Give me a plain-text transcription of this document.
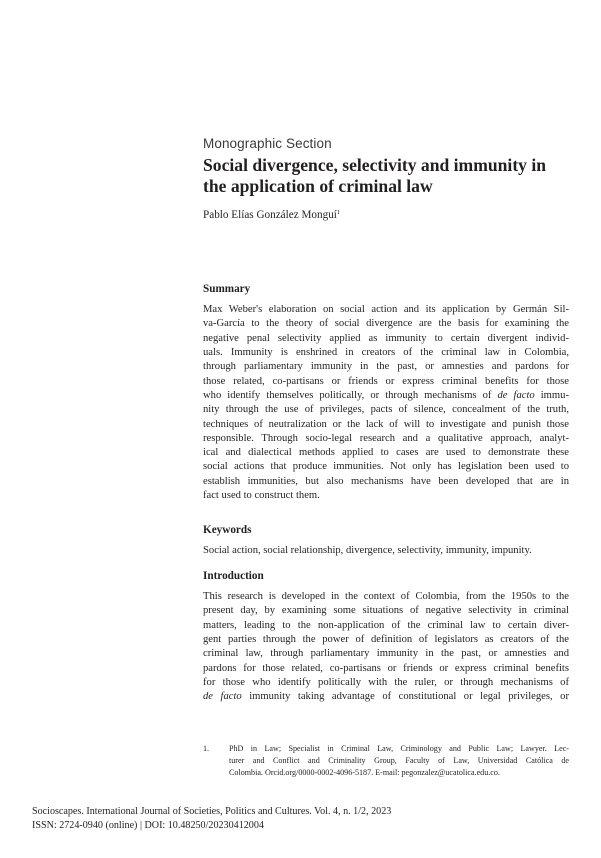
Monographic Section
Social divergence, selectivity and immunity in
the application of criminal law
Pablo Elías González Monguí$^1$
Summary
Max Weber's elaboration on social action and its application by Germán Sil-
va-García to the theory of social divergence are the basis for examining the
negative penal selectivity applied as immunity to certain divergent individ-
uals. Immunity is enshrined in creators of the criminal law in Colombia,
through parliamentary immunity in the past, or amnesties and pardons for
those related, co-partisans or friends or express criminal benefits for those
who identify themselves politically, or through mechanisms of de facto immu-
nity through the use of privileges, pacts of silence, concealment of the truth,
techniques of neutralization or the lack of will to investigate and punish those
responsible. Through socio-legal research and a qualitative approach, analyt-
ical and dialectical methods applied to cases are used to demonstrate these
social actions that produce immunities. Not only has legislation been used to
establish immunities, but also mechanisms have been developed that are in
fact used to construct them.
Keywords
Social action, social relationship, divergence, selectivity, immunity, impunity.
Introduction
This research is developed in the context of Colombia, from the 1950s to the
present day, by examining some situations of negative selectivity in criminal
matters, leading to the non-application of the criminal law to certain diver-
gent parties through the power of definition of legislators as creators of the
criminal law, through parliamentary immunity in the past, or amnesties and
pardons for those related, co-partisans or friends or express criminal benefits
for those who identify politically with the ruler, or through mechanisms of
de facto immunity taking advantage of constitutional or legal privileges, or
1. PhD in Law; Specialist in Criminal Law, Criminology and Public Law; Lawyer. Lec-
turer and Conflict and Criminality Group, Faculty of Law, Universidad Católica de
Colombia. Orcid.org/0000-0002-4096-5187. E-mail: pegonzalez@ucatolica.edu.co.
Socioscapes. International Journal of Societies, Politics and Cultures. Vol. 4, n. 1/2, 2023
ISSN: 2724-0940 (online) | DOI: 10.48250/20230412004
